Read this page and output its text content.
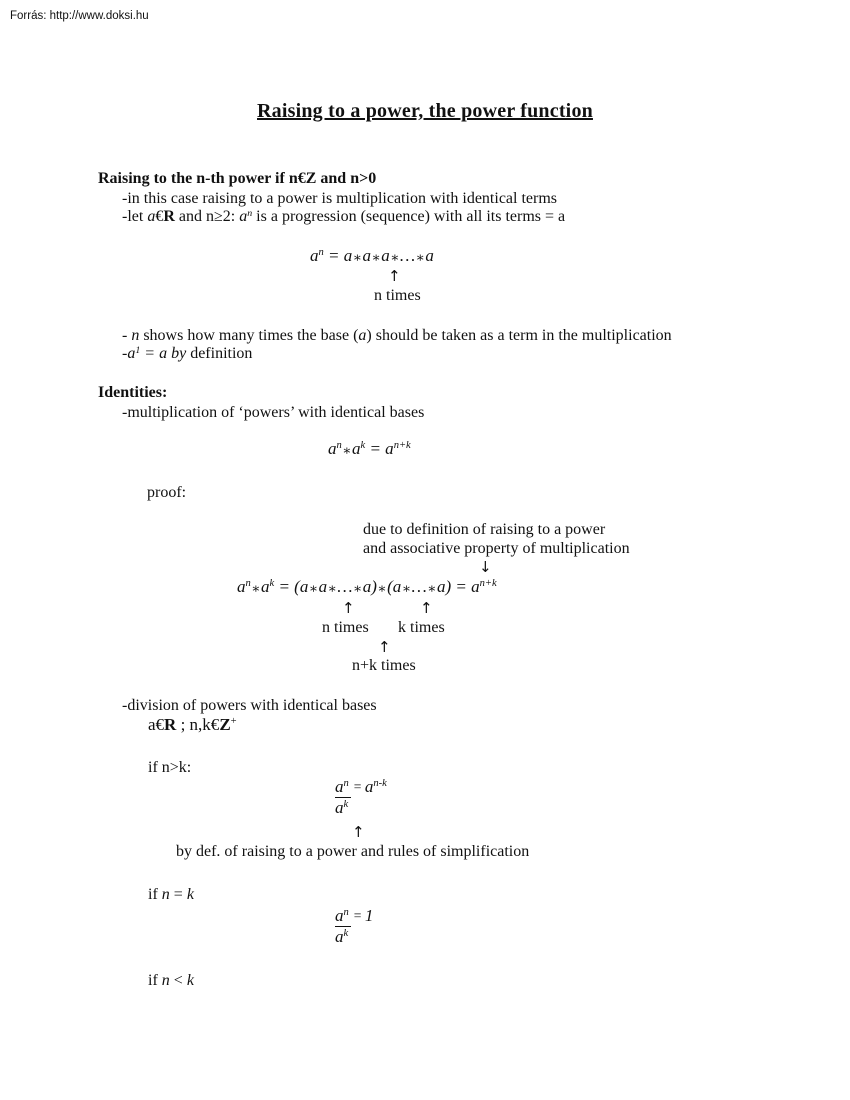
Forrás: http://www.doksi.hu
Raising to a power, the power function
Raising to the n-th power if n€Z and n>0
-in this case raising to a power is multiplication with identical terms
-let a€R and n≥2: $a^n$ is a progression (sequence) with all its terms = a
$a^n$ = a∗a∗a∗…∗a
↑
n times
- n shows how many times the base (a) should be taken as a term in the multiplication
$-a^1 = a$ by definition
Identities:
-multiplication of ‘powers’ with identical bases
$a^n∗a^k = a^{n+k}$
proof:
due to definition of raising to a power
and associative property of multiplication
↓
$a^n∗a^k$ = (a∗a∗…∗a)∗(a∗…∗a) = $a^{n+k}$
↑	↑
n times k times
↑
n+k times
-division of powers with identical bases
a€R ; n,k€Z+
if n>k:
$\frac{a^n}{a^k} = a^{n-k}$
↑
by def. of raising to a power and rules of simplification
if n = k
$\frac{a^n}{a^k} = 1$
if n < k
